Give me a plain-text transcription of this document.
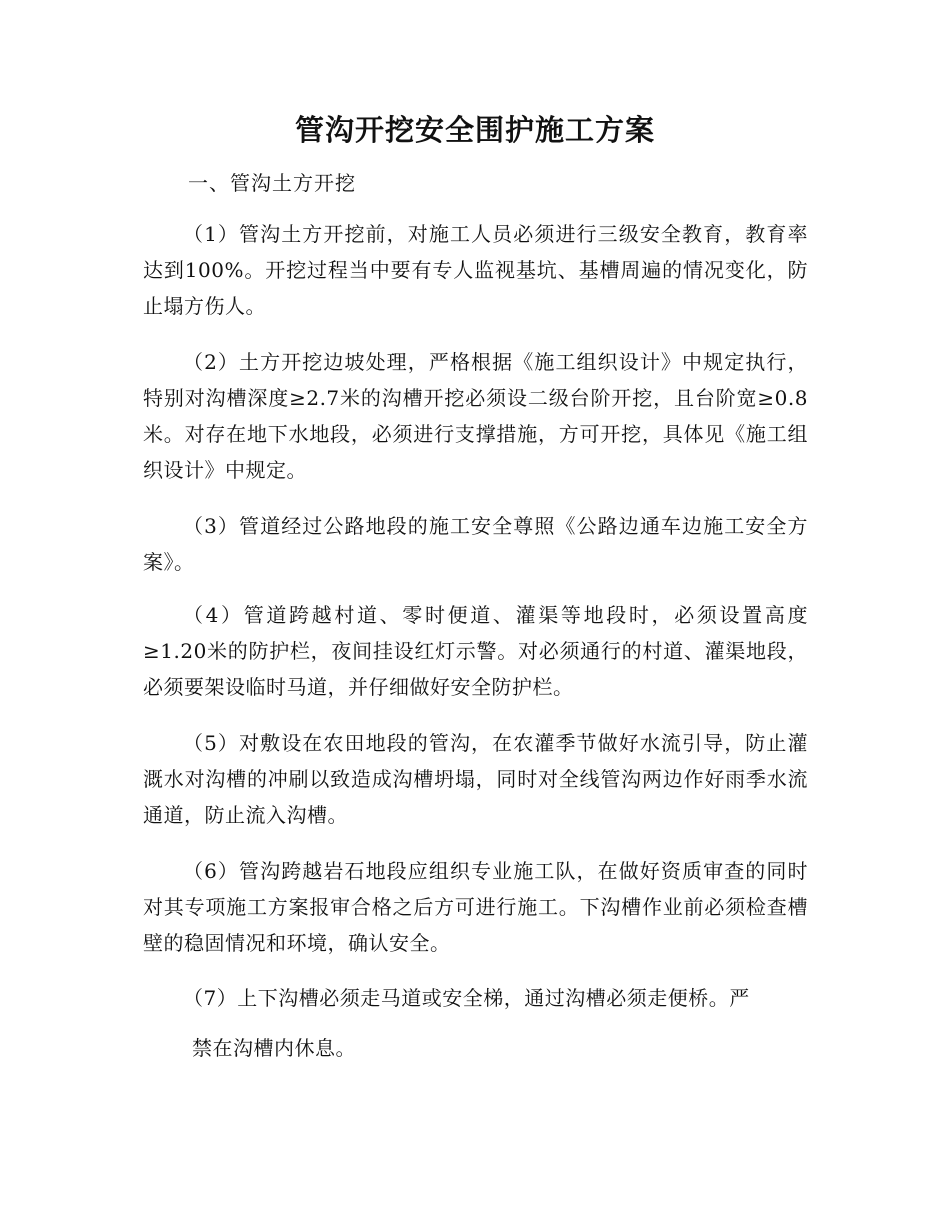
管沟开挖安全围护施工方案
一、管沟土方开挖

（1）管沟土方开挖前，对施工人员必须进行三级安全教育，教育率达到100%。开挖过程当中要有专人监视基坑、基槽周遍的情况变化，防止塌方伤人。

（2）土方开挖边坡处理，严格根据《施工组织设计》中规定执行，特别对沟槽深度≥2.7米的沟槽开挖必须设二级台阶开挖，且台阶宽≥0.8米。对存在地下水地段，必须进行支撑措施，方可开挖，具体见《施工组织设计》中规定。

（3）管道经过公路地段的施工安全尊照《公路边通车边施工安全方案》。

（4）管道跨越村道、零时便道、灌渠等地段时，必须设置高度≥1.20米的防护栏，夜间挂设红灯示警。对必须通行的村道、灌渠地段，必须要架设临时马道，并仔细做好安全防护栏。

（5）对敷设在农田地段的管沟，在农灌季节做好水流引导，防止灌溉水对沟槽的冲刷以致造成沟槽坍塌，同时对全线管沟两边作好雨季水流通道，防止流入沟槽。

（6）管沟跨越岩石地段应组织专业施工队，在做好资质审查的同时对其专项施工方案报审合格之后方可进行施工。下沟槽作业前必须检查槽壁的稳固情况和环境，确认安全。

（7）上下沟槽必须走马道或安全梯，通过沟槽必须走便桥。严

禁在沟槽内休息。
